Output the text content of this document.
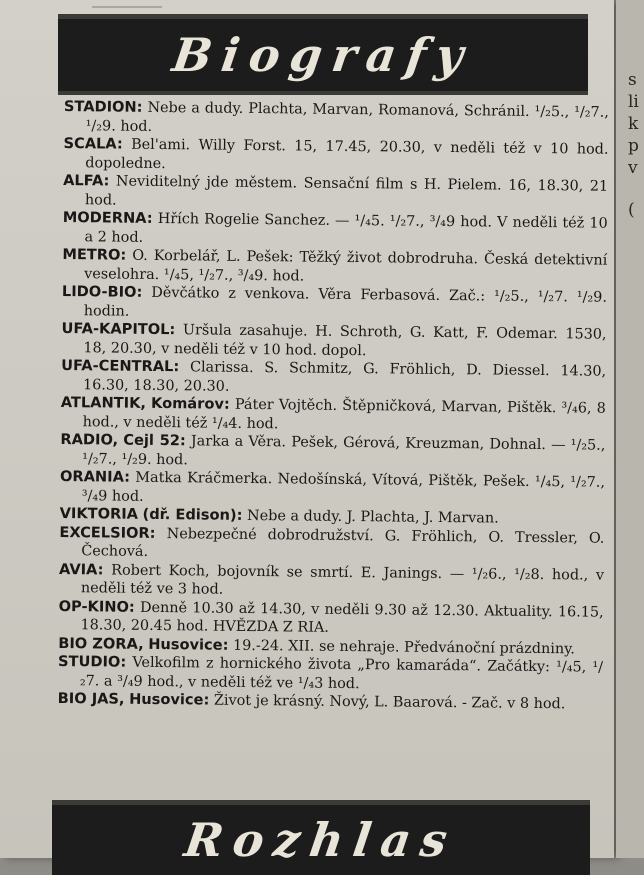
Biografy

STADION: Nebe a dudy. Plachta, Marvan, Romanová, Schránil. ¹/₂5., ¹/₂7., ¹/₂9. hod.

SCALA: Bel'ami. Willy Forst. 15, 17.45, 20.30, v neděli též v 10 hod. dopoledne.

ALFA: Neviditelný jde městem. Sensační film s H. Pielem. 16, 18.30, 21 hod.

MODERNA: Hřích Rogelie Sanchez. — ¹/₄5. ¹/₂7., ³/₄9 hod. V neděli též 10 a 2 hod.

METRO: O. Korbelář, L. Pešek: Těžký život dobrodruha. Česká detektivní veselohra. ¹/₄5, ¹/₂7., ³/₄9. hod.

LIDO-BIO: Děvčátko z venkova. Věra Ferbasová. Zač.: ¹/₂5., ¹/₂7. ¹/₂9. hodin.

UFA-KAPITOL: Uršula zasahuje. H. Schroth, G. Katt, F. Odemar. 1530, 18, 20.30, v neděli též v 10 hod. dopol.

UFA-CENTRAL: Clarissa. S. Schmitz, G. Fröhlich, D. Diessel. 14.30, 16.30, 18.30, 20.30.

ATLANTIK, Komárov: Páter Vojtěch. Štěpničková, Marvan, Pištěk. ³/₄6, 8 hod., v neděli též ¹/₄4. hod.

RADIO, Cejl 52: Jarka a Věra. Pešek, Gérová, Kreuzman, Dohnal. — ¹/₂5., ¹/₂7., ¹/₂9. hod.

ORANIA: Matka Kráčmerka. Nedošínská, Vítová, Pištěk, Pešek. ¹/₄5, ¹/₂7., ³/₄9 hod.

VIKTORIA (dř. Edison): Nebe a dudy. J. Plachta, J. Marvan.

EXCELSIOR: Nebezpečné dobrodružství. G. Fröhlich, O. Tressler, O. Čechová.

AVIA: Robert Koch, bojovník se smrtí. E. Janings. — ¹/₂6., ¹/₂8. hod., v neděli též ve 3 hod.

OP-KINO: Denně 10.30 až 14.30, v neděli 9.30 až 12.30. Aktuality. 16.15, 18.30, 20.45 hod. HVĚZDA Z RIA.

BIO ZORA, Husovice: 19.-24. XII. se nehraje. Předvánoční prázdniny.

STUDIO: Velkofilm z hornického života „Pro kamaráda“. Začátky: ¹/₄5, ¹/₂7. a ³/₄9 hod., v neděli též ve ¹/₄3 hod.

BIO JAS, Husovice: Život je krásný. Nový, L. Baarová. - Zač. v 8 hod.

Rozhlas
s
li
k
p
v
(
